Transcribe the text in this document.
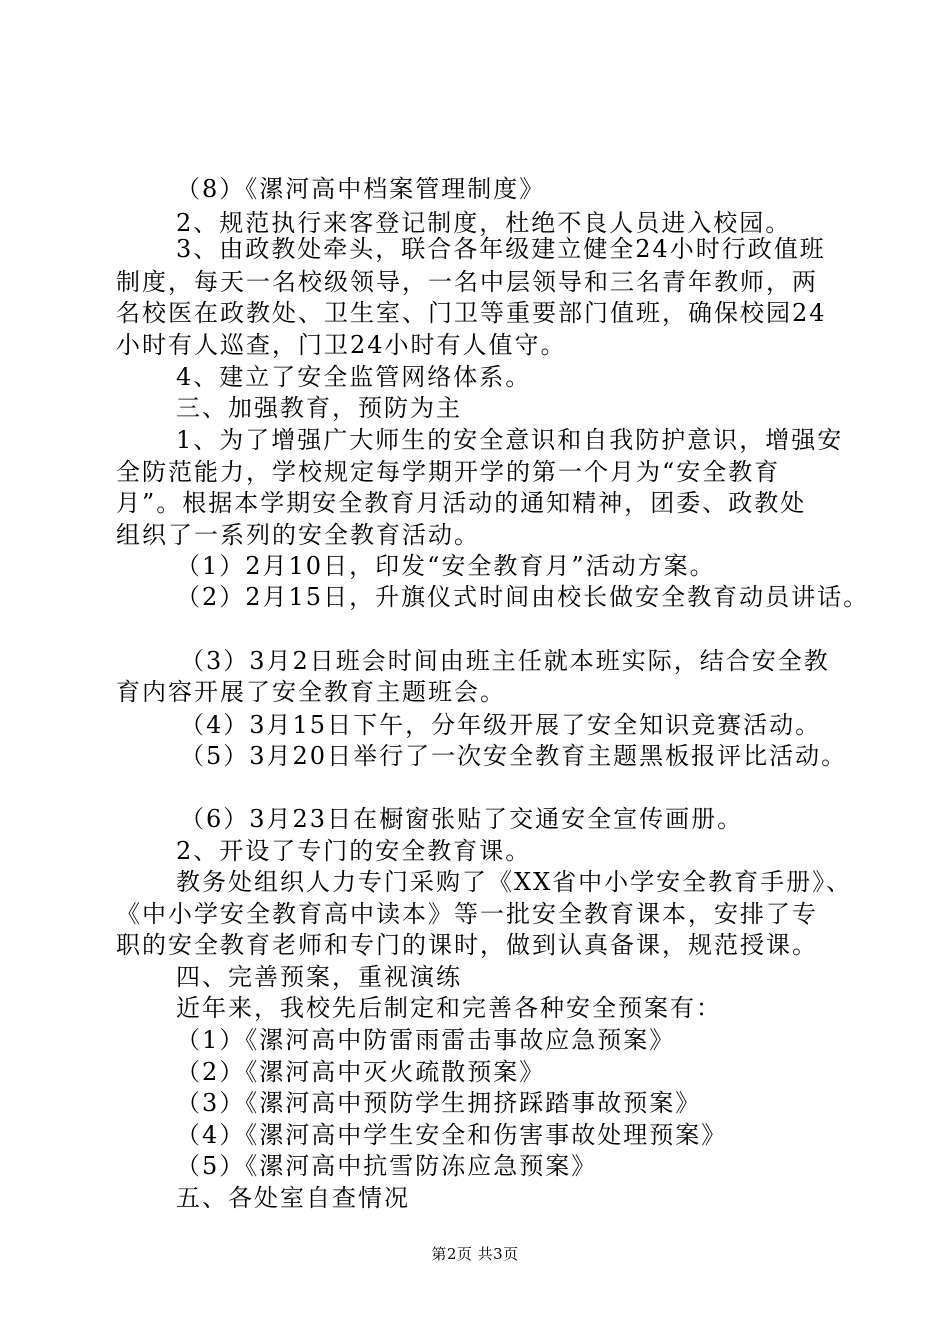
（8）《漯河高中档案管理制度》
2、规范执行来客登记制度，杜绝不良人员进入校园。
3、由政教处牵头，联合各年级建立健全24小时行政值班
制度，每天一名校级领导，一名中层领导和三名青年教师，两
名校医在政教处、卫生室、门卫等重要部门值班，确保校园24
小时有人巡查，门卫24小时有人值守。
4、建立了安全监管网络体系。
三、加强教育，预防为主
1、为了增强广大师生的安全意识和自我防护意识，增强安
全防范能力，学校规定每学期开学的第一个月为“安全教育
月”。根据本学期安全教育月活动的通知精神，团委、政教处
组织了一系列的安全教育活动。
（1）2月10日，印发“安全教育月”活动方案。
（2）2月15日，升旗仪式时间由校长做安全教育动员讲话。
（3）3月2日班会时间由班主任就本班实际，结合安全教
育内容开展了安全教育主题班会。
（4）3月15日下午，分年级开展了安全知识竞赛活动。
（5）3月20日举行了一次安全教育主题黑板报评比活动。
（6）3月23日在橱窗张贴了交通安全宣传画册。
2、开设了专门的安全教育课。
教务处组织人力专门采购了《XX省中小学安全教育手册》、
《中小学安全教育高中读本》等一批安全教育课本，安排了专
职的安全教育老师和专门的课时，做到认真备课，规范授课。
四、完善预案，重视演练
近年来，我校先后制定和完善各种安全预案有：
（1）《漯河高中防雷雨雷击事故应急预案》
（2）《漯河高中灭火疏散预案》
（3）《漯河高中预防学生拥挤踩踏事故预案》
（4）《漯河高中学生安全和伤害事故处理预案》
（5）《漯河高中抗雪防冻应急预案》
五、各处室自查情况
第2页 共3页
